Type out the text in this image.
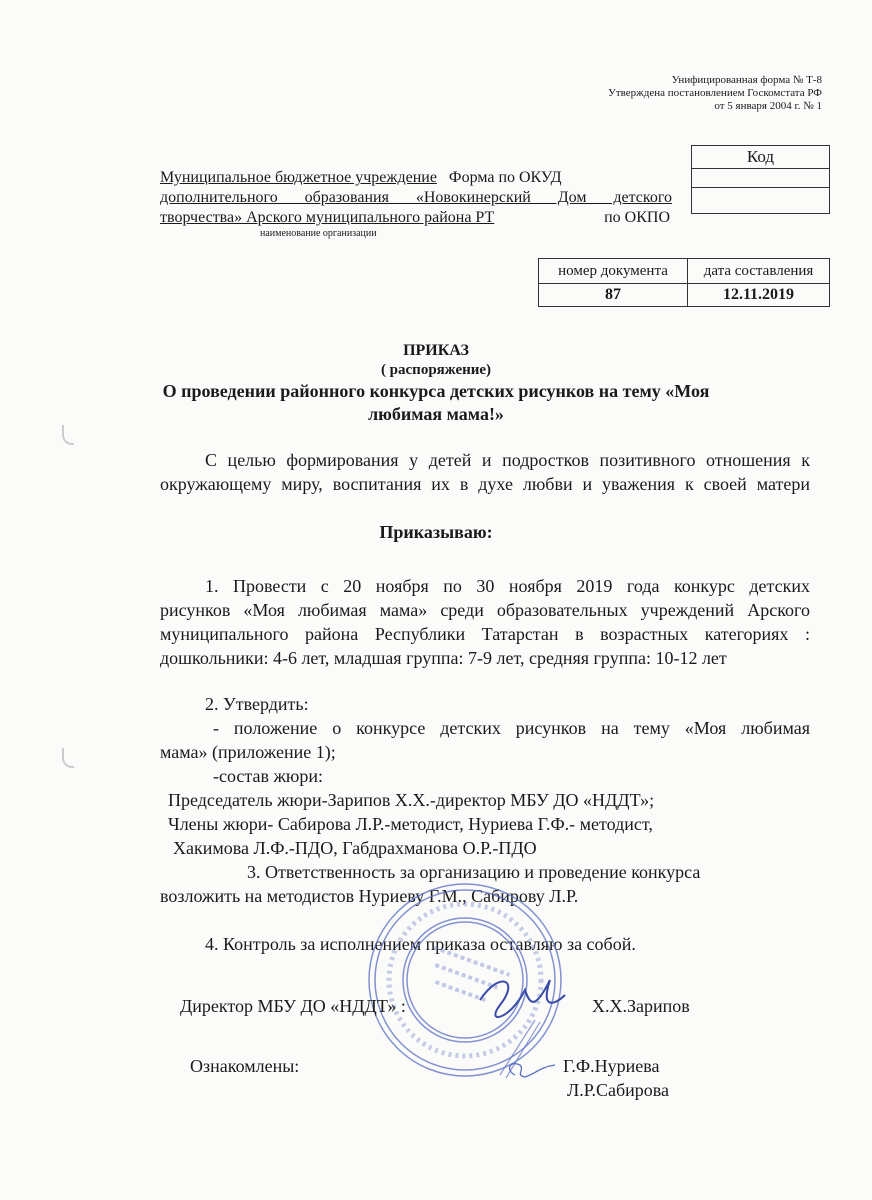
Унифицированная форма № Т-8
Утверждена постановлением Госкомстата РФ
от 5 января 2004 г. № 1
Муниципальное бюджетное учреждение Форма по ОКУД
дополнительного образования «Новокинерский Дом детского
творчества» Арского муниципального района РТ	по ОКПО
наименование организации
Код

номер документа	дата составления
87	12.11.2019
ПРИКАЗ
( распоряжение)
О проведении районного конкурса детских рисунков на тему «Моя
любимая мама!»
С целью формирования у детей и подростков позитивного отношения к
окружающему миру, воспитания их в духе любви и уважения к своей матери
Приказываю:
1. Провести с 20 ноября по 30 ноября 2019 года конкурс детских
рисунков «Моя любимая мама» среди образовательных учреждений Арского
муниципального района Республики Татарстан в возрастных категориях :
дошкольники: 4-6 лет, младшая группа: 7-9 лет, средняя группа: 10-12 лет
2. Утвердить:
- положение о конкурсе детских рисунков на тему «Моя любимая
мама» (приложение 1);
-состав жюри:
Председатель жюри-Зарипов Х.Х.-директор МБУ ДО «НДДТ»;
Члены жюри- Сабирова Л.Р.-методист, Нуриева Г.Ф.- методист,
Хакимова Л.Ф.-ПДО, Габдрахманова О.Р.-ПДО
3. Ответственность за организацию и проведение конкурса
возложить на методистов Нуриеву Г.М., Сабирову Л.Р.
4. Контроль за исполнением приказа оставляю за собой.
Директор МБУ ДО «НДДТ» :	Х.Х.Зарипов
Ознакомлены:	Г.Ф.Нуриева
Л.Р.Сабирова
